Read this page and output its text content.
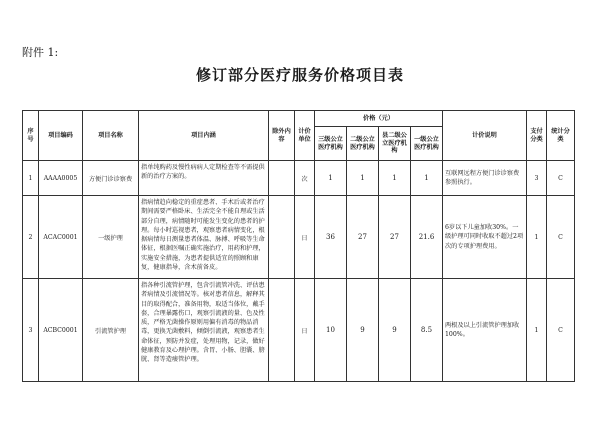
附件 1:
修订部分医疗服务价格项目表
序号	项目编码	项目名称	项目内涵	除外内容	计价单位	价格（元）				计价说明	支付分类	统计分类
						三级公立医疗机构	二级公立医疗机构	县二级公立医疗机构	一级公立医疗机构			
1	AAAA0005	方便门诊诊察费	指单纯购药及慢性病病人定期检查等不需提供新的治疗方案的。		次	1	1	1	1	互联网远程方便门诊诊察费参照执行。	3	C
2	ACAC0001	一级护理	指病情趋向稳定的重症患者、手术后或者治疗期间需要严格卧床、生活完全不能自理或生活部分自理，病情随时可能发生变化的患者的护理。每小时巡视患者，观察患者病情变化，根据病情每日测量患者体温、脉搏、呼吸等生命体征，根据医嘱正确实施治疗，用药和护理，实施安全措施，为患者提供适宜的照顾和康复，健康指导，含术前备皮。		日	36	27	27	21.6	6岁以下儿童加收30%。一级护理可同时收取不超过2项次的专项护理费用。	1	C
3	ACBC0001	引流管护理	指各种引流管护理，包含引流管冲洗、评估患者病情及引流情况等。核对患者信息，解释其目的取得配合，准备用物，取适当体位，戴手套，合理暴露伤口，观察引流液的量、色及性质，严格无菌操作原则用偏有消毒的物品消毒，更换无菌敷料，倾倒引流液，观察患者生命体征，预防并发症，处理用物，记录，做好健康教育及心理护理。含胃、小肠、胆囊、膀胱、肾等造瘘管护理。		日	10	9	9	8.5	两根及以上引流管护理加收100%。	1	C
